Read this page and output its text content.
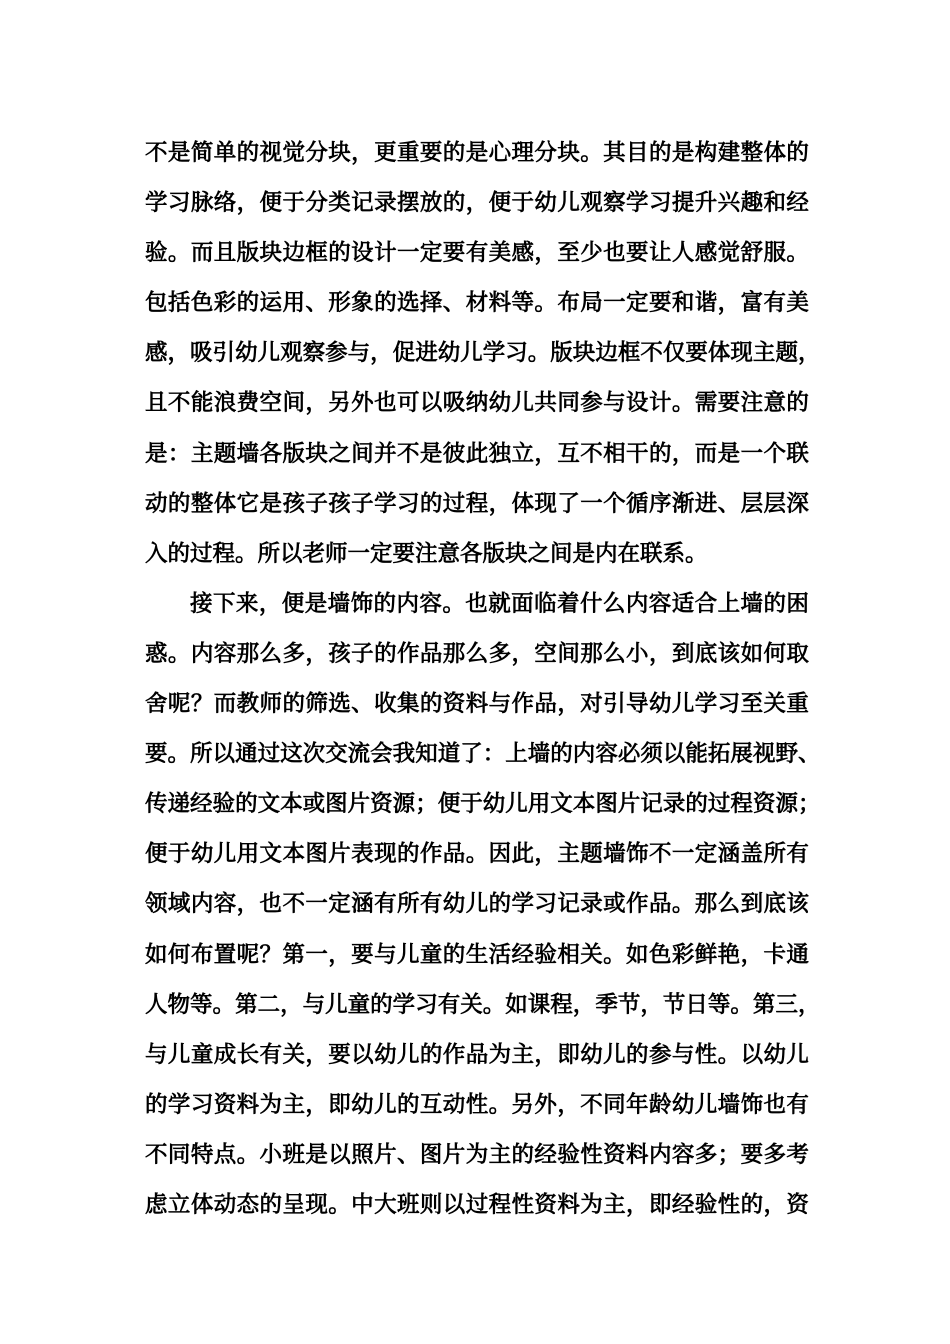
不 是 简 单 的 视 觉 分 块 ， 更 重 要 的 是 心 理 分 块 。 其 目 的 是 构 建 整 体 的
学 习 脉 络 ， 便 于 分 类 记 录 摆 放 的 ， 便 于 幼 儿 观 察 学 习 提 升 兴 趣 和 经
验 。 而 且 版 块 边 框 的 设 计 一 定 要 有 美 感 ， 至 少 也 要 让 人 感 觉 舒 服 。
包 括 色 彩 的 运 用 、 形 象 的 选 择 、 材 料 等 。 布 局 一 定 要 和 谐 ， 富 有 美
感 ， 吸 引 幼 儿 观 察 参 与 ， 促 进 幼 儿 学 习 。 版 块 边 框 不 仅 要 体 现 主 题 ，
且 不 能 浪 费 空 间 ， 另 外 也 可 以 吸 纳 幼 儿 共 同 参 与 设 计 。 需 要 注 意 的
是 ： 主 题 墙 各 版 块 之 间 并 不 是 彼 此 独 立 ， 互 不 相 干 的 ， 而 是 一 个 联
动 的 整 体 它 是 孩 子 孩 子 学 习 的 过 程 ， 体 现 了 一 个 循 序 渐 进 、 层 层 深
入的过程。所以老师一定要注意各版块之间是内在联系。
接 下 来 ， 便 是 墙 饰 的 内 容 。 也 就 面 临 着 什 么 内 容 适 合 上 墙 的 困
惑 。 内 容 那 么 多 ， 孩 子 的 作 品 那 么 多 ， 空 间 那 么 小 ， 到 底 该 如 何 取
舍 呢 ？ 而 教 师 的 筛 选 、 收 集 的 资 料 与 作 品 ， 对 引 导 幼 儿 学 习 至 关 重
要 。 所 以 通 过 这 次 交 流 会 我 知 道 了 ： 上 墙 的 内 容 必 须 以 能 拓 展 视 野 、
传 递 经 验 的 文 本 或 图 片 资 源 ； 便 于 幼 儿 用 文 本 图 片 记 录 的 过 程 资 源 ；
便 于 幼 儿 用 文 本 图 片 表 现 的 作 品 。 因 此 ， 主 题 墙 饰 不 一 定 涵 盖 所 有
领 域 内 容 ， 也 不 一 定 涵 有 所 有 幼 儿 的 学 习 记 录 或 作 品 。 那 么 到 底 该
如 何 布 置 呢 ？ 第 一 ， 要 与 儿 童 的 生 活 经 验 相 关 。 如 色 彩 鲜 艳 ， 卡 通
人 物 等 。 第 二 ， 与 儿 童 的 学 习 有 关 。 如 课 程 ， 季 节 ， 节 日 等 。 第 三 ，
与 儿 童 成 长 有 关 ， 要 以 幼 儿 的 作 品 为 主 ， 即 幼 儿 的 参 与 性 。 以 幼 儿
的 学 习 资 料 为 主 ， 即 幼 儿 的 互 动 性 。 另 外 ， 不 同 年 龄 幼 儿 墙 饰 也 有
不 同 特 点 。 小 班 是 以 照 片 、 图 片 为 主 的 经 验 性 资 料 内 容 多 ； 要 多 考
虑 立 体 动 态 的 呈 现 。 中 大 班 则 以 过 程 性 资 料 为 主 ， 即 经 验 性 的 ， 资
